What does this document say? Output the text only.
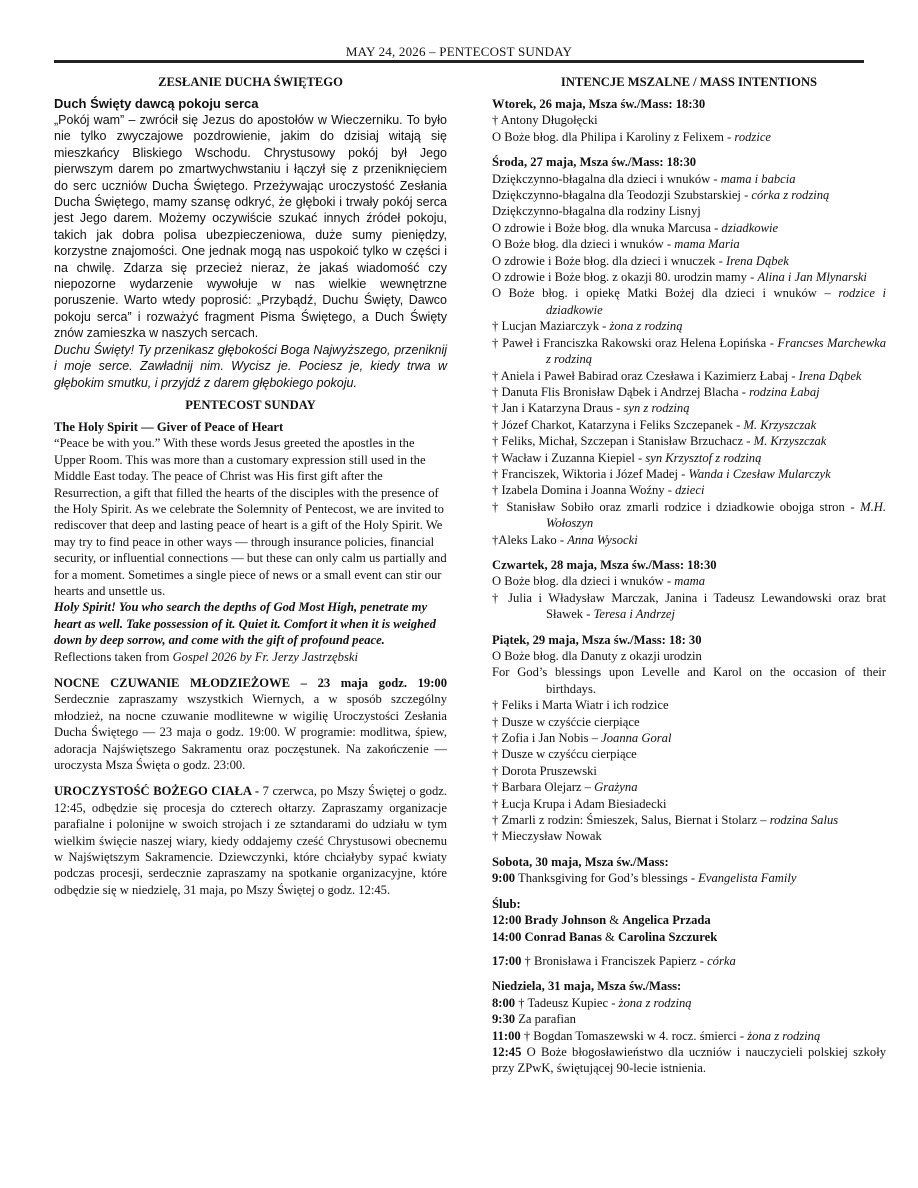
MAY 24, 2026 – PENTECOST SUNDAY
ZESŁANIE DUCHA ŚWIĘTEGO
Duch Święty dawcą pokoju serca

„Pokój wam” – zwrócił się Jezus do apostołów w Wieczerniku. To było nie tylko zwyczajowe pozdrowienie, jakim do dzisiaj witają się mieszkańcy Bliskiego Wschodu. Chrystusowy pokój był Jego pierwszym darem po zmartwychwstaniu i łączył się z przeniknięciem do serc uczniów Ducha Świętego. Przeżywając uroczystość Zesłania Ducha Świętego, mamy szansę odkryć, że głęboki i trwały pokój serca jest Jego darem. Możemy oczywiście szukać innych źródeł pokoju, takich jak dobra polisa ubezpieczeniowa, duże sumy pieniędzy, korzystne znajomości. One jednak mogą nas uspokoić tylko w części i na chwilę. Zdarza się przecież nieraz, że jakaś wiadomość czy niepozorne wydarzenie wywołuje w nas wielkie wewnętrzne poruszenie. Warto wtedy poprosić: „Przybądź, Duchu Święty, Dawco pokoju serca” i rozważyć fragment Pisma Świętego, a Duch Święty znów zamieszka w naszych sercach.

Duchu Święty! Ty przenikasz głębokości Boga Najwyższego, przeniknij i moje serce. Zawładnij nim. Wycisz je. Pociesz je, kiedy trwa w głębokim smutku, i przyjdź z darem głębokiego pokoju.

PENTECOST SUNDAY
The Holy Spirit — Giver of Peace of Heart

“Peace be with you.” With these words Jesus greeted the apostles in the Upper Room. This was more than a customary expression still used in the Middle East today. The peace of Christ was His first gift after the Resurrection, a gift that filled the hearts of the disciples with the presence of the Holy Spirit. As we celebrate the Solemnity of Pentecost, we are invited to rediscover that deep and lasting peace of heart is a gift of the Holy Spirit. We may try to find peace in other ways — through insurance policies, financial security, or influential connections — but these can only calm us partially and for a moment. Sometimes a single piece of news or a small event can stir our hearts and unsettle us.

Holy Spirit! You who search the depths of God Most High, penetrate my heart as well. Take possession of it. Quiet it. Comfort it when it is weighed down by deep sorrow, and come with the gift of profound peace.

Reflections taken from Gospel 2026 by Fr. Jerzy Jastrzębski

NOCNE CZUWANIE MŁODZIEŻOWE – 23 maja godz. 19:00 Serdecznie zapraszamy wszystkich Wiernych, a w sposób szczególny młodzież, na nocne czuwanie modlitewne w wigilię Uroczystości Zesłania Ducha Świętego — 23 maja o godz. 19:00. W programie: modlitwa, śpiew, adoracja Najświętszego Sakramentu oraz poczęstunek. Na zakończenie — uroczysta Msza Święta o godz. 23:00.

UROCZYSTOŚĆ BOŻEGO CIAŁA - 7 czerwca, po Mszy Świętej o godz. 12:45, odbędzie się procesja do czterech ołtarzy. Zapraszamy organizacje parafialne i polonijne w swoich strojach i ze sztandarami do udziału w tym wielkim święcie naszej wiary, kiedy oddajemy cześć Chrystusowi obecnemu w Najświętszym Sakramencie. Dziewczynki, które chciałyby sypać kwiaty podczas procesji, serdecznie zapraszamy na spotkanie organizacyjne, które odbędzie się w niedzielę, 31 maja, po Mszy Świętej o godz. 12:45.

INTENCJE MSZALNE / MASS INTENTIONS
Wtorek, 26 maja, Msza św./Mass: 18:30

† Antony Długołęcki

O Boże błog. dla Philipa i Karoliny z Felixem - rodzice

Środa, 27 maja, Msza św./Mass: 18:30

Dziękczynno-błagalna dla dzieci i wnuków - mama i babcia

Dziękczynno-błagalna dla Teodozji Szubstarskiej - córka z rodziną

Dziękczynno-błagalna dla rodziny Lisnyj

O zdrowie i Boże błog. dla wnuka Marcusa - dziadkowie

O Boże błog. dla dzieci i wnuków - mama Maria

O zdrowie i Boże błog. dla dzieci i wnuczek - Irena Dąbek

O zdrowie i Boże błog. z okazji 80. urodzin mamy - Alina i Jan Mlynarski

O Boże błog. i opiekę Matki Bożej dla dzieci i wnuków – rodzice i dziadkowie

† Lucjan Maziarczyk - żona z rodziną

† Paweł i Franciszka Rakowski oraz Helena Łopińska - Francses Marchewka z rodziną

† Aniela i Paweł Babirad oraz Czesława i Kazimierz Łabaj - Irena Dąbek

† Danuta Flis Bronisław Dąbek i Andrzej Blacha - rodzina Łabaj

† Jan i Katarzyna Draus - syn z rodziną

† Józef Charkot, Katarzyna i Feliks Szczepanek - M. Krzyszczak

† Feliks, Michał, Szczepan i Stanisław Brzuchacz - M. Krzyszczak

† Wacław i Zuzanna Kiepiel - syn Krzysztof z rodziną

† Franciszek, Wiktoria i Józef Madej - Wanda i Czesław Mularczyk

† Izabela Domina i Joanna Woźny - dzieci

† Stanisław Sobiło oraz zmarli rodzice i dziadkowie obojga stron - M.H. Wołoszyn

†Aleks Lako - Anna Wysocki

Czwartek, 28 maja, Msza św./Mass: 18:30

O Boże błog. dla dzieci i wnuków - mama

† Julia i Władysław Marczak, Janina i Tadeusz Lewandowski oraz brat Sławek - Teresa i Andrzej

Piątek, 29 maja, Msza św./Mass: 18: 30

O Boże błog. dla Danuty z okazji urodzin

For God’s blessings upon Levelle and Karol on the occasion of their birthdays.

† Feliks i Marta Wiatr i ich rodzice

† Dusze w czyśćcie cierpiące

† Zofia i Jan Nobis – Joanna Goral

† Dusze w czyśćcu cierpiące

† Dorota Pruszewski

† Barbara Olejarz – Grażyna

† Łucja Krupa i Adam Biesiadecki

† Zmarli z rodzin: Śmieszek, Salus, Biernat i Stolarz – rodzina Salus

† Mieczysław Nowak

Sobota, 30 maja, Msza św./Mass:

9:00 Thanksgiving for God’s blessings - Evangelista Family

Ślub:

12:00 Brady Johnson & Angelica Przada

14:00 Conrad Banas & Carolina Szczurek

17:00 † Bronisława i Franciszek Papierz - córka

Niedziela, 31 maja, Msza św./Mass:

8:00 † Tadeusz Kupiec - żona z rodziną

9:30 Za parafian

11:00 † Bogdan Tomaszewski w 4. rocz. śmierci - żona z rodziną

12:45 O Boże błogosławieństwo dla uczniów i nauczycieli polskiej szkoły przy ZPwK, świętującej 90-lecie istnienia.
